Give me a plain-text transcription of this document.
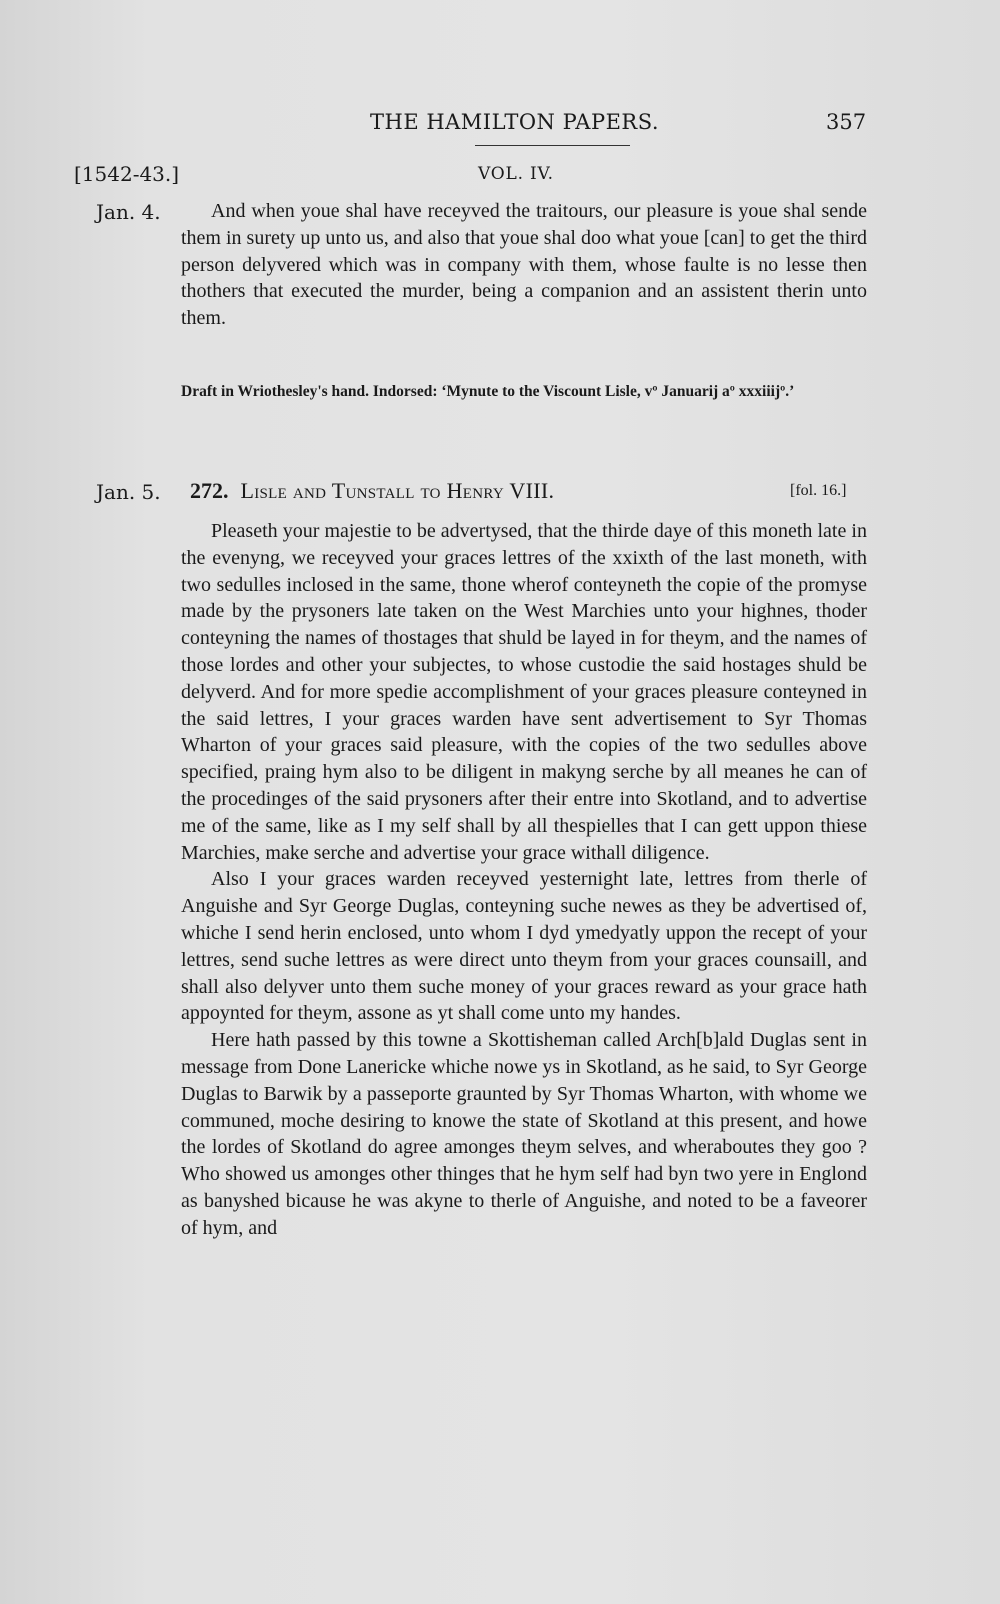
THE HAMILTON PAPERS.	357
[1542-43.]	VOL. IV.
Jan. 4.	And when youe shal have receyved the traitours, our pleasure is youe shal sende them in surety up unto us, and also that youe shal doo what youe [can] to get the third person delyvered which was in company with them, whose faulte is no lesse then thothers that executed the murder, being a companion and an assistent therin unto them.

Draft in Wriothesley's hand. Indorsed: ‘Mynute to the Viscount Lisle, vº Januarij aº xxxiiijº.’
Jan. 5. 272. Lisle and Tunstall to Henry VIII.	[fol. 16.]

Pleaseth your majestie to be advertysed, that the thirde daye of this moneth late in the evenyng, we receyved your graces lettres of the xxixth of the last moneth, with two sedulles inclosed in the same, thone wherof conteyneth the copie of the promyse made by the prysoners late taken on the West Marchies unto your highnes, thoder conteyning the names of thostages that shuld be layed in for theym, and the names of those lordes and other your subjectes, to whose custodie the said hostages shuld be delyverd. And for more spedie accomplishment of your graces pleasure conteyned in the said lettres, I your graces warden have sent advertisement to Syr Thomas Wharton of your graces said pleasure, with the copies of the two sedulles above specified, praing hym also to be diligent in makyng serche by all meanes he can of the procedinges of the said prysoners after their entre into Skotland, and to advertise me of the same, like as I my self shall by all thespielles that I can gett uppon thiese Marchies, make serche and advertise your grace withall diligence.

Also I your graces warden receyved yesternight late, lettres from therle of Anguishe and Syr George Duglas, conteyning suche newes as they be advertised of, whiche I send herin enclosed, unto whom I dyd ymedyatly uppon the recept of your lettres, send suche lettres as were direct unto theym from your graces counsaill, and shall also delyver unto them suche money of your graces reward as your grace hath appoynted for theym, assone as yt shall come unto my handes.

Here hath passed by this towne a Skottisheman called Arch[b]ald Duglas sent in message from Done Lanericke whiche nowe ys in Skotland, as he said, to Syr George Duglas to Barwik by a passeporte graunted by Syr Thomas Wharton, with whome we communed, moche desiring to knowe the state of Skotland at this present, and howe the lordes of Skotland do agree amonges theym selves, and wheraboutes they goo ? Who showed us amonges other thinges that he hym self had byn two yere in Englond as banyshed bicause he was akyne to therle of Anguishe, and noted to be a faveorer of hym, and
